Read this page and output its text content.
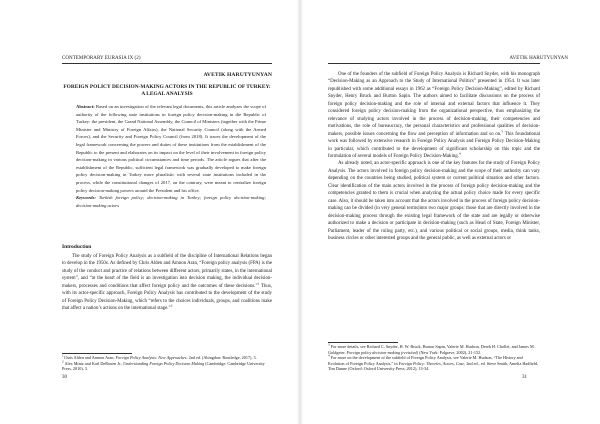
CONTEMPORARY EURASIA IX (2)
AVETIK HARUTYUNYAN
FOREIGN POLICY DECISION-MAKING ACTORS IN THE REPUBLIC OF TURKEY: A LEGAL ANALYSIS

Abstract: Based on an investigation of the relevant legal documents, this article analyzes the scope of authority of the following state institutions in foreign policy decision-making in the Republic of Turkey: the president, the Grand National Assembly, the Council of Ministers (together with the Prime Minister and Ministry of Foreign Affairs), the National Security Council (along with the Armed Forces), and the Security and Foreign Policy Council (from 2018). It traces the development of the legal framework concerning the powers and duties of these institutions from the establishment of the Republic to the present and elaborates on its impact on the level of their involvement in foreign policy decision-making in various political circumstances and time periods. The article argues that after the establishment of the Republic, sufficient legal framework was gradually developed to make foreign policy decision-making in Turkey more pluralistic with several state institutions included in the process, while the constitutional changes of 2017, on the contrary, were meant to centralize foreign policy decision-making powers around the President and his office.

Keywords: Turkish foreign policy; decision-making in Turkey; foreign policy decision-making; decision-making actors

Introduction

The study of Foreign Policy Analysis as a subfield of the discipline of International Relations began to develop in the 1950s. As defined by Chris Alden and Amnon Aran, “Foreign policy analysis (FPA) is the study of the conduct and practice of relations between different actors, primarily states, in the international system”, and “at the heart of the field is an investigation into decision making, the individual decision-makers, processes and conditions that affect foreign policy and the outcomes of these decisions.”$^1$ Thus, with its actor-specific approach, Foreign Policy Analysis has contributed to the development of the study of Foreign Policy Decision-Making, which “refers to the choices individuals, groups, and coalitions make that affect a nation’s actions on the international stage.”$^2$

$^1$Chris Alden and Amnon Aran, Foreign Policy Analysis: New Approaches. 2nd ed. (Abingdon: Routledge, 2017), 3.

$^2$ Alex Mintz and Karl DeRouen Jr., Understanding Foreign Policy Decision Making (Cambridge: Cambridge University Press, 2010), 3.

30
AVETIK HARUTYUNYAN

One of the founders of the subfield of Foreign Policy Analysis is Richard Snyder, with his monograph “Decision-Making as an Approach to the Study of International Politics” presented in 1954. It was later republished with some additional essays in 1962 as “Foreign Policy Decision-Making”, edited by Richard Snyder, Henry Bruck and Burton Sapin. The authors aimed to facilitate discussions on the process of foreign policy decision-making and the role of internal and external factors that influence it. They considered foreign policy decision-making from the organizational perspective, thus emphasizing the relevance of studying actors involved in the process of decision-making, their competencies and motivations, the role of bureaucracy, the personal characteristics and professional qualities of decision-makers, possible issues concerning the flow and perception of information and so on.$^3$ This foundational work was followed by extensive research in Foreign Policy Analysis and Foreign Policy Decision-Making in particular, which contributed to the development of significant scholarship on this topic and the formulation of several models of Foreign Policy Decision-Making.$^4$

As already noted, an actor-specific approach is one of the key features for the study of Foreign Policy Analysis. The actors involved in foreign policy decision-making and the scope of their authority can vary depending on the countries being studied, political system or current political situation and other factors. Clear identification of the main actors involved in the process of foreign policy decision-making and the competencies granted to them is crucial when analyzing the actual policy choice made for every specific case. Also, it should be taken into account that the actors involved in the process of foreign policy decision-making can be divided (in very general terms)into two major groups: those that are directly involved in the decision-making process through the existing legal framework of the state and are legally or otherwise authorized to make a decision or participate in decision-making (such as Head of State, Foreign Minister, Parliament, leader of the ruling party, etc.), and various political or social groups, media, think tanks, business circles or other interested groups and the general public, as well as external actors or

$^3$ For more details, see Richard C. Snyder, H. W. Bruck, Burton Sapin, Valerie M. Hudson, Derek H. Chollet, and James M. Goldgeier. Foreign policy decision-making (revisited) (New York: Palgrave, 2002), 21-152.

$^4$ For more on the development of the subfield of Foreign Policy Analysis, see Valerie M. Hudson, “The History and Evolution of Foreign Policy Analysis,” in Foreign Policy: Theories, Actors, Case, 2nd ed., ed. Steve Smith, Amelia Hadfield, Tim Dunne (Oxford: Oxford University Press, 2012), 13-34.

31
